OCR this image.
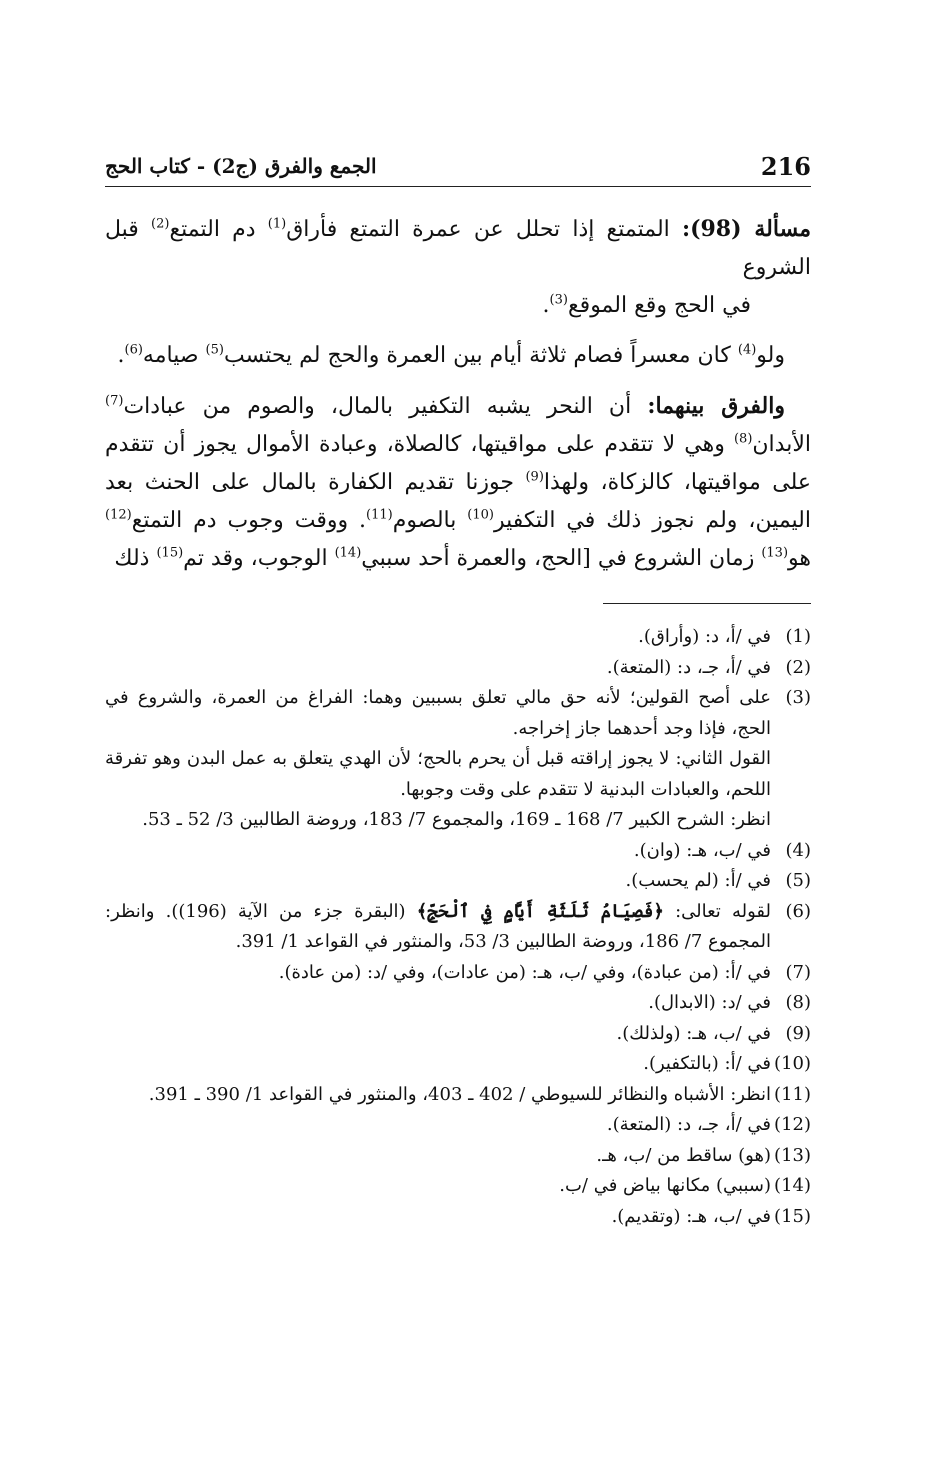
216
الجمع والفرق (ج2) - كتاب الحج

مسألة (98): المتمتع إذا تحلل عن عمرة التمتع فأراق$^{(1)}$ دم التمتع$^{(2)}$ قبل الشروع
في الحج وقع الموقع$^{(3)}$.

ولو$^{(4)}$ كان معسراً فصام ثلاثة أيام بين العمرة والحج لم يحتسب$^{(5)}$ صيامه$^{(6)}$.

والفرق بينهما: أن النحر يشبه التكفير بالمال، والصوم من عبادات$^{(7)}$ الأبدان$^{(8)}$ وهي لا تتقدم على مواقيتها، كالصلاة، وعبادة الأموال يجوز أن تتقدم على مواقيتها، كالزكاة، ولهذا$^{(9)}$ جوزنا تقديم الكفارة بالمال على الحنث بعد اليمين، ولم نجوز ذلك في التكفير$^{(10)}$ بالصوم$^{(11)}$. ووقت وجوب دم التمتع$^{(12)}$ هو$^{(13)}$ زمان الشروع في [الحج، والعمرة أحد سببي$^{(14)}$ الوجوب، وقد تم$^{(15)}$ ذلك

(1)
في /أ، د: (وأراق).
(2)
في /أ، جـ، د: (المتعة).
(3)
على أصح القولين؛ لأنه حق مالي تعلق بسببين وهما: الفراغ من العمرة، والشروع في الحج، فإذا وجد أحدهما جاز إخراجه.
القول الثاني: لا يجوز إراقته قبل أن يحرم بالحج؛ لأن الهدي يتعلق به عمل البدن وهو تفرقة اللحم، والعبادات البدنية لا تتقدم على وقت وجوبها.
انظر: الشرح الكبير 7/ 168 ـ 169، والمجموع 7/ 183، وروضة الطالبين 3/ 52 ـ 53.
(4)
في /ب، هـ: (وان).
(5)
في /أ: (لم يحسب).
(6)
لقوله تعالى: ﴿فَصِيَامُ ثَلَثَةِ أَيَّامٍ فِي ٱلْحَجِّ﴾ (البقرة جزء من الآية (196)). وانظر: المجموع 7/ 186، وروضة الطالبين 3/ 53، والمنثور في القواعد 1/ 391.
(7)
في /أ: (من عبادة)، وفي /ب، هـ: (من عادات)، وفي /د: (من عادة).
(8)
في /د: (الابدال).
(9)
في /ب، هـ: (ولذلك).
(10)
في /أ: (بالتكفير).
(11)
انظر: الأشباه والنظائر للسيوطي / 402 ـ 403، والمنثور في القواعد 1/ 390 ـ 391.
(12)
في /أ، جـ، د: (المتعة).
(13)
(هو) ساقط من /ب، هـ.
(14)
(سببي) مكانها بياض في /ب.
(15)
في /ب، هـ: (وتقديم).
